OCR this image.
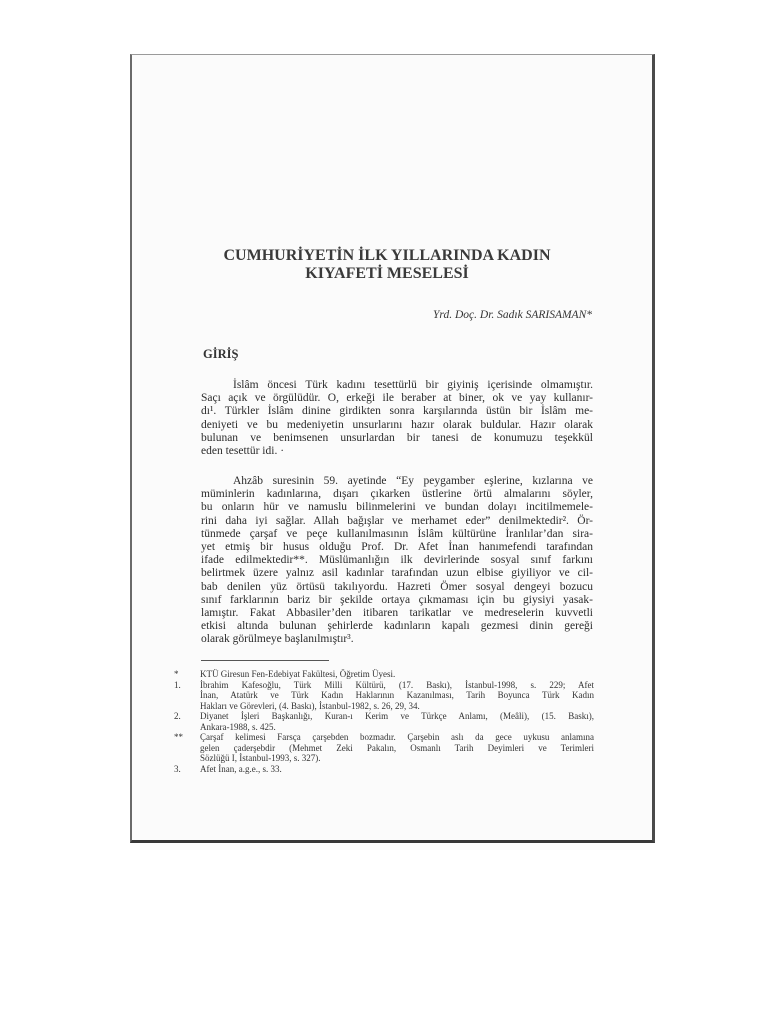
CUMHURİYETİN İLK YILLARINDA KADIN
KIYAFETİ MESELESİ
Yrd. Doç. Dr. Sadık SARISAMAN*
GİRİŞ
İslâm öncesi Türk kadını tesettürlü bir giyiniş içerisinde olmamıştır.
Saçı açık ve örgülüdür. O, erkeği ile beraber at biner, ok ve yay kullanır-
dı¹. Türkler İslâm dinine girdikten sonra karşılarında üstün bir İslâm me-
deniyeti ve bu medeniyetin unsurlarını hazır olarak buldular. Hazır olarak
bulunan ve benimsenen unsurlardan bir tanesi de konumuzu teşekkül
eden tesettür idi. ·
Ahzâb suresinin 59. ayetinde “Ey peygamber eşlerine, kızlarına ve
müminlerin kadınlarına, dışarı çıkarken üstlerine örtü almalarını söyler,
bu onların hür ve namuslu bilinmelerini ve bundan dolayı incitilmemele-
rini daha iyi sağlar. Allah bağışlar ve merhamet eder” denilmektedir². Ör-
tünmede çarşaf ve peçe kullanılmasının İslâm kültürüne İranlılar’dan sira-
yet etmiş bir husus olduğu Prof. Dr. Afet İnan hanımefendi tarafından
ifade edilmektedir**. Müslümanlığın ilk devirlerinde sosyal sınıf farkını
belirtmek üzere yalnız asil kadınlar tarafından uzun elbise giyiliyor ve cil-
bab denilen yüz örtüsü takılıyordu. Hazreti Ömer sosyal dengeyi bozucu
sınıf farklarının bariz bir şekilde ortaya çıkmaması için bu giysiyi yasak-
lamıştır. Fakat Abbasiler’den itibaren tarikatlar ve medreselerin kuvvetli
etkisi altında bulunan şehirlerde kadınların kapalı gezmesi dinin gereği
olarak görülmeye başlanılmıştır³.
*	KTÜ Giresun Fen-Edebiyat Fakültesi, Öğretim Üyesi.
1.	İbrahim Kafesoğlu, Türk Milli Kültürü, (17. Baskı), İstanbul-1998, s. 229; Afet
İnan, Atatürk ve Türk Kadın Haklarının Kazanılması, Tarih Boyunca Türk Kadın
Hakları ve Görevleri, (4. Baskı), İstanbul-1982, s. 26, 29, 34.
2.	Diyanet İşleri Başkanlığı, Kuran-ı Kerim ve Türkçe Anlamı, (Meâli), (15. Baskı),
Ankara-1988, s. 425.
**	Çarşaf kelimesi Farsça çarşebden bozmadır. Çarşebin aslı da gece uykusu anlamına
gelen çaderşebdir (Mehmet Zeki Pakalın, Osmanlı Tarih Deyimleri ve Terimleri
Sözlüğü I, İstanbul-1993, s. 327).
3.	Afet İnan, a.g.e., s. 33.
